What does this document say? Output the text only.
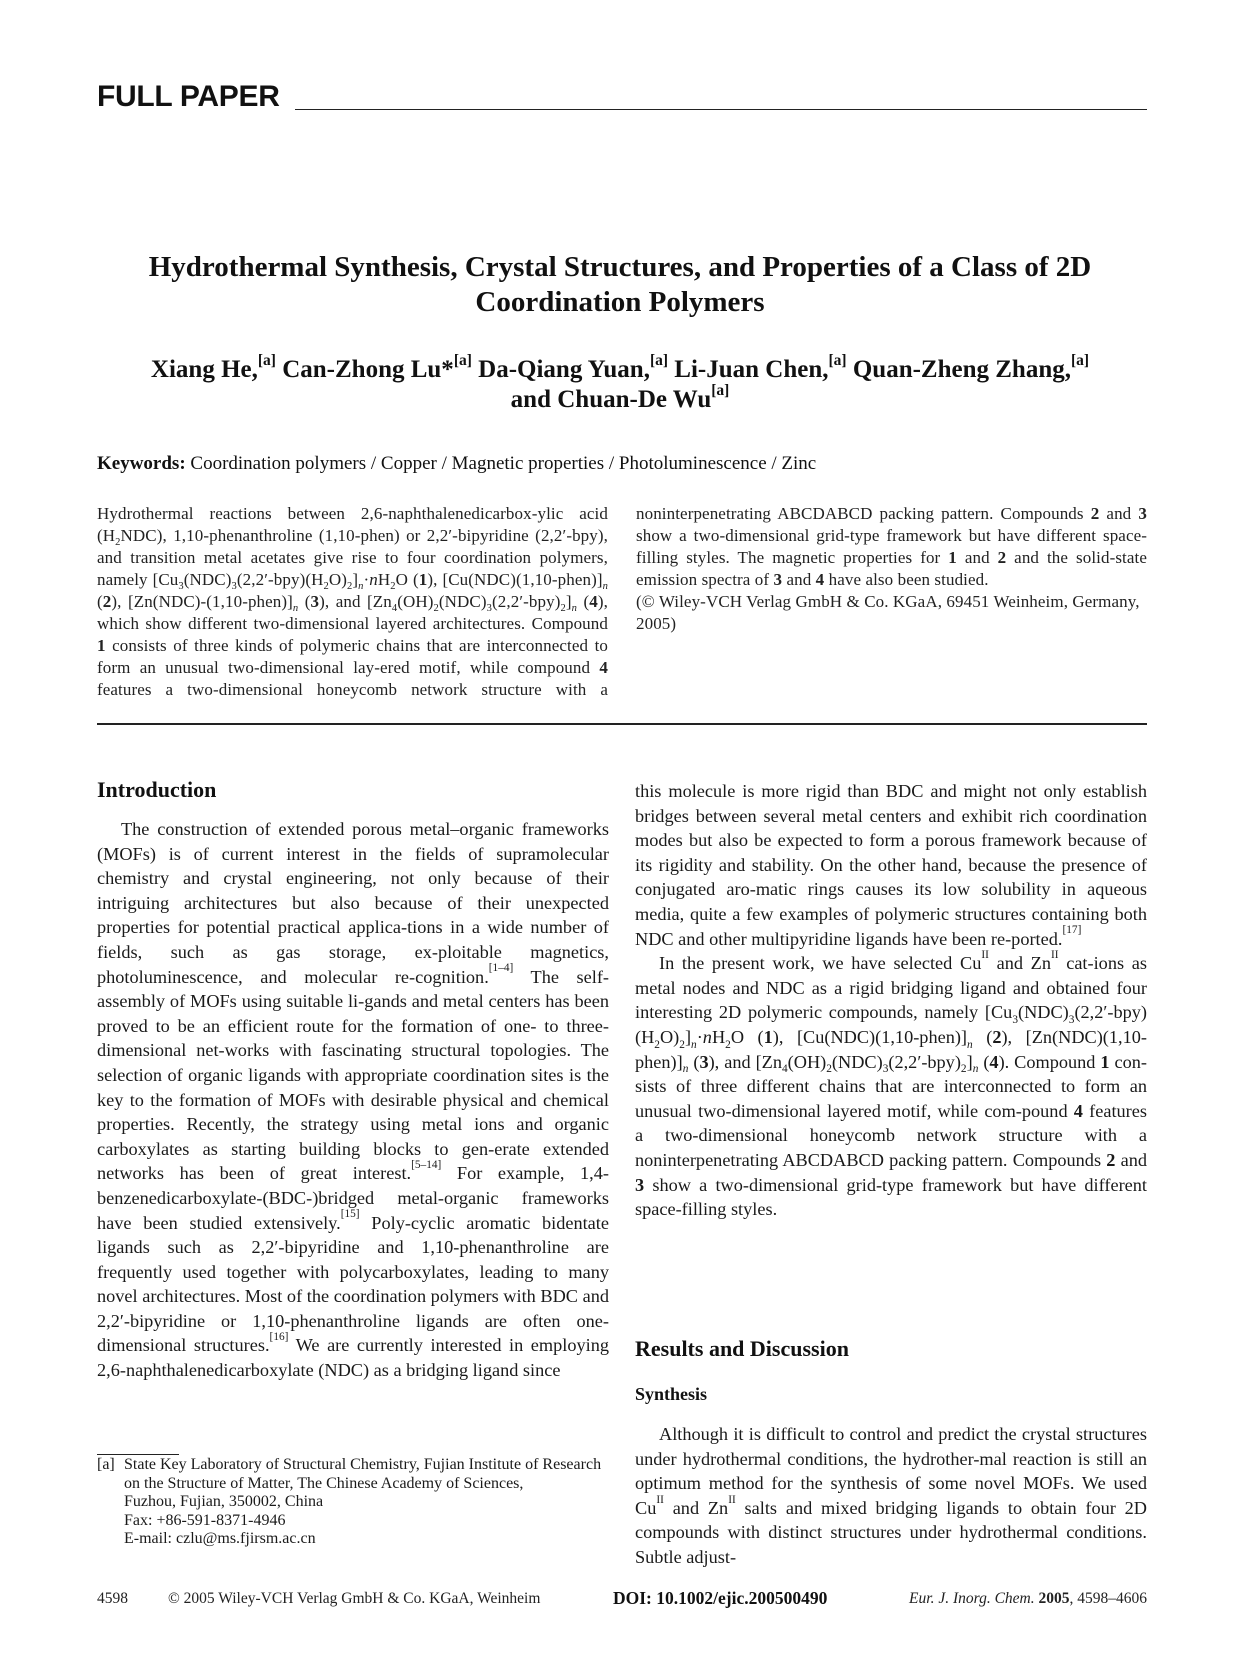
FULL PAPER
Hydrothermal Synthesis, Crystal Structures, and Properties of a Class of 2D
Coordination Polymers
Xiang He,[a] Can-Zhong Lu*[a] Da-Qiang Yuan,[a] Li-Juan Chen,[a] Quan-Zheng Zhang,[a]
and Chuan-De Wu[a]
Keywords: Coordination polymers / Copper / Magnetic properties / Photoluminescence / Zinc

Hydrothermal reactions between 2,6-naphthalenedicarbox-ylic acid $(H_2NDC)$, 1,10-phenanthroline (1,10-phen) or 2,2′-bipyridine (2,2′-bpy), and transition metal acetates give rise to four coordination polymers, namely $[Cu_3(NDC)_3(2,2'-bpy)(H_2O)_2]_n\cdot nH_2O$ (1), $[Cu(NDC)(1,10-phen)]_n$ (2), $[Zn(NDC)-(1,10-phen)]_n$ (3), and $[Zn_4(OH)_2(NDC)_3(2,2'-bpy)_2]_n$ (4), which show different two-dimensional layered architectures. Compound 1 consists of three kinds of polymeric chains that are interconnected to form an unusual two-dimensional lay-ered motif, while compound 4 features a two-dimensional honeycomb network structure with a noninterpenetrating ABCDABCD packing pattern. Compounds 2 and 3 show a two-dimensional grid-type framework but have different space-filling styles. The magnetic properties for 1 and 2 and the solid-state emission spectra of 3 and 4 have also been studied.

(© Wiley-VCH Verlag GmbH & Co. KGaA, 69451 Weinheim, Germany, 2005)

Introduction

The construction of extended porous metal–organic frameworks (MOFs) is of current interest in the fields of supramolecular chemistry and crystal engineering, not only because of their intriguing architectures but also because of their unexpected properties for potential practical applica-tions in a wide number of fields, such as gas storage, ex-ploitable magnetics, photoluminescence, and molecular re-cognition.[1–4] The self-assembly of MOFs using suitable li-gands and metal centers has been proved to be an efficient route for the formation of one- to three-dimensional net-works with fascinating structural topologies. The selection of organic ligands with appropriate coordination sites is the key to the formation of MOFs with desirable physical and chemical properties. Recently, the strategy using metal ions and organic carboxylates as starting building blocks to gen-erate extended networks has been of great interest.[5–14] For example, 1,4-benzenedicarboxylate-(BDC-)bridged metal-organic frameworks have been studied extensively.[15] Poly-cyclic aromatic bidentate ligands such as 2,2′-bipyridine and 1,10-phenanthroline are frequently used together with polycarboxylates, leading to many novel architectures. Most of the coordination polymers with BDC and 2,2′-bipyridine or 1,10-phenanthroline ligands are often one-dimensional structures.[16] We are currently interested in employing 2,6-naphthalenedicarboxylate (NDC) as a bridging ligand since

[a] State Key Laboratory of Structural Chemistry, Fujian Institute of Research on the Structure of Matter, The Chinese Academy of Sciences,
Fuzhou, Fujian, 350002, China
Fax: +86-591-8371-4946
E-mail: czlu@ms.fjirsm.ac.cn

this molecule is more rigid than BDC and might not only establish bridges between several metal centers and exhibit rich coordination modes but also be expected to form a porous framework because of its rigidity and stability. On the other hand, because the presence of conjugated aro-matic rings causes its low solubility in aqueous media, quite a few examples of polymeric structures containing both NDC and other multipyridine ligands have been re-ported.[17]

In the present work, we have selected $Cu^{II}$ and $Zn^{II}$ cat-ions as metal nodes and NDC as a rigid bridging ligand and obtained four interesting 2D polymeric compounds, namely $[Cu_3(NDC)_3(2,2'-bpy)(H_2O)_2]_n\cdot nH_2O$ (1), $[Cu(NDC)(1,10-phen)]_n$ (2), $[Zn(NDC)(1,10-phen)]_n$ (3), and $[Zn_4(OH)_2(NDC)_3(2,2'-bpy)_2]_n$ (4). Compound 1 con-sists of three different chains that are interconnected to form an unusual two-dimensional layered motif, while com-pound 4 features a two-dimensional honeycomb network structure with a noninterpenetrating ABCDABCD packing pattern. Compounds 2 and 3 show a two-dimensional grid-type framework but have different space-filling styles.

Results and Discussion
Synthesis

Although it is difficult to control and predict the crystal structures under hydrothermal conditions, the hydrother-mal reaction is still an optimum method for the synthesis of some novel MOFs. We used $Cu^{II}$ and $Zn^{II}$ salts and mixed bridging ligands to obtain four 2D compounds with distinct structures under hydrothermal conditions. Subtle adjust-

4598	© 2005 Wiley-VCH Verlag GmbH & Co. KGaA, Weinheim	DOI: 10.1002/ejic.200500490	Eur. J. Inorg. Chem. 2005, 4598–4606
